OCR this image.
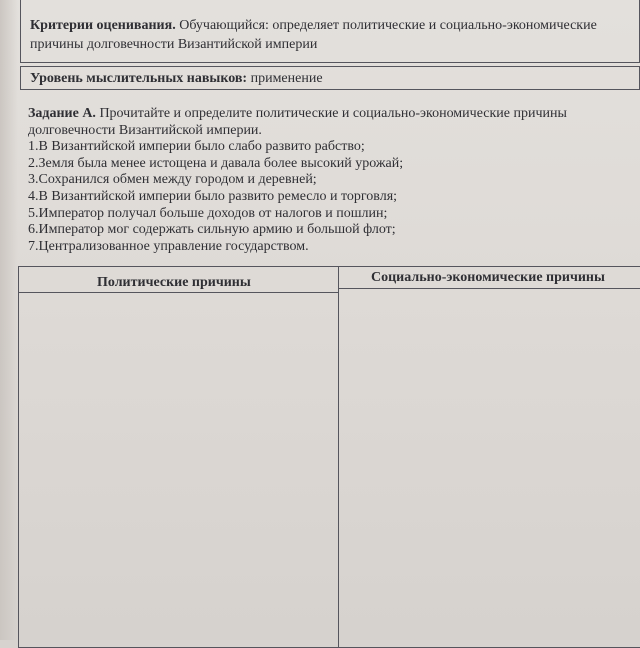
Критерии оценивания. Обучающийся: определяет политические и социально-экономические
причины долговечности Византийской империи
Уровень мыслительных навыков: применение
Задание А. Прочитайте и определите политические и социально-экономические причины
долговечности Византийской империи.
1.В Византийской империи было слабо развито рабство;
2.Земля была менее истощена и давала более высокий урожай;
3.Сохранился обмен между городом и деревней;
4.В Византийской империи было развито ремесло и торговля;
5.Император получал больше доходов от налогов и пошлин;
6.Император мог содержать сильную армию и большой флот;
7.Централизованное управление государством.
Политические причины	Социально-экономические причины
